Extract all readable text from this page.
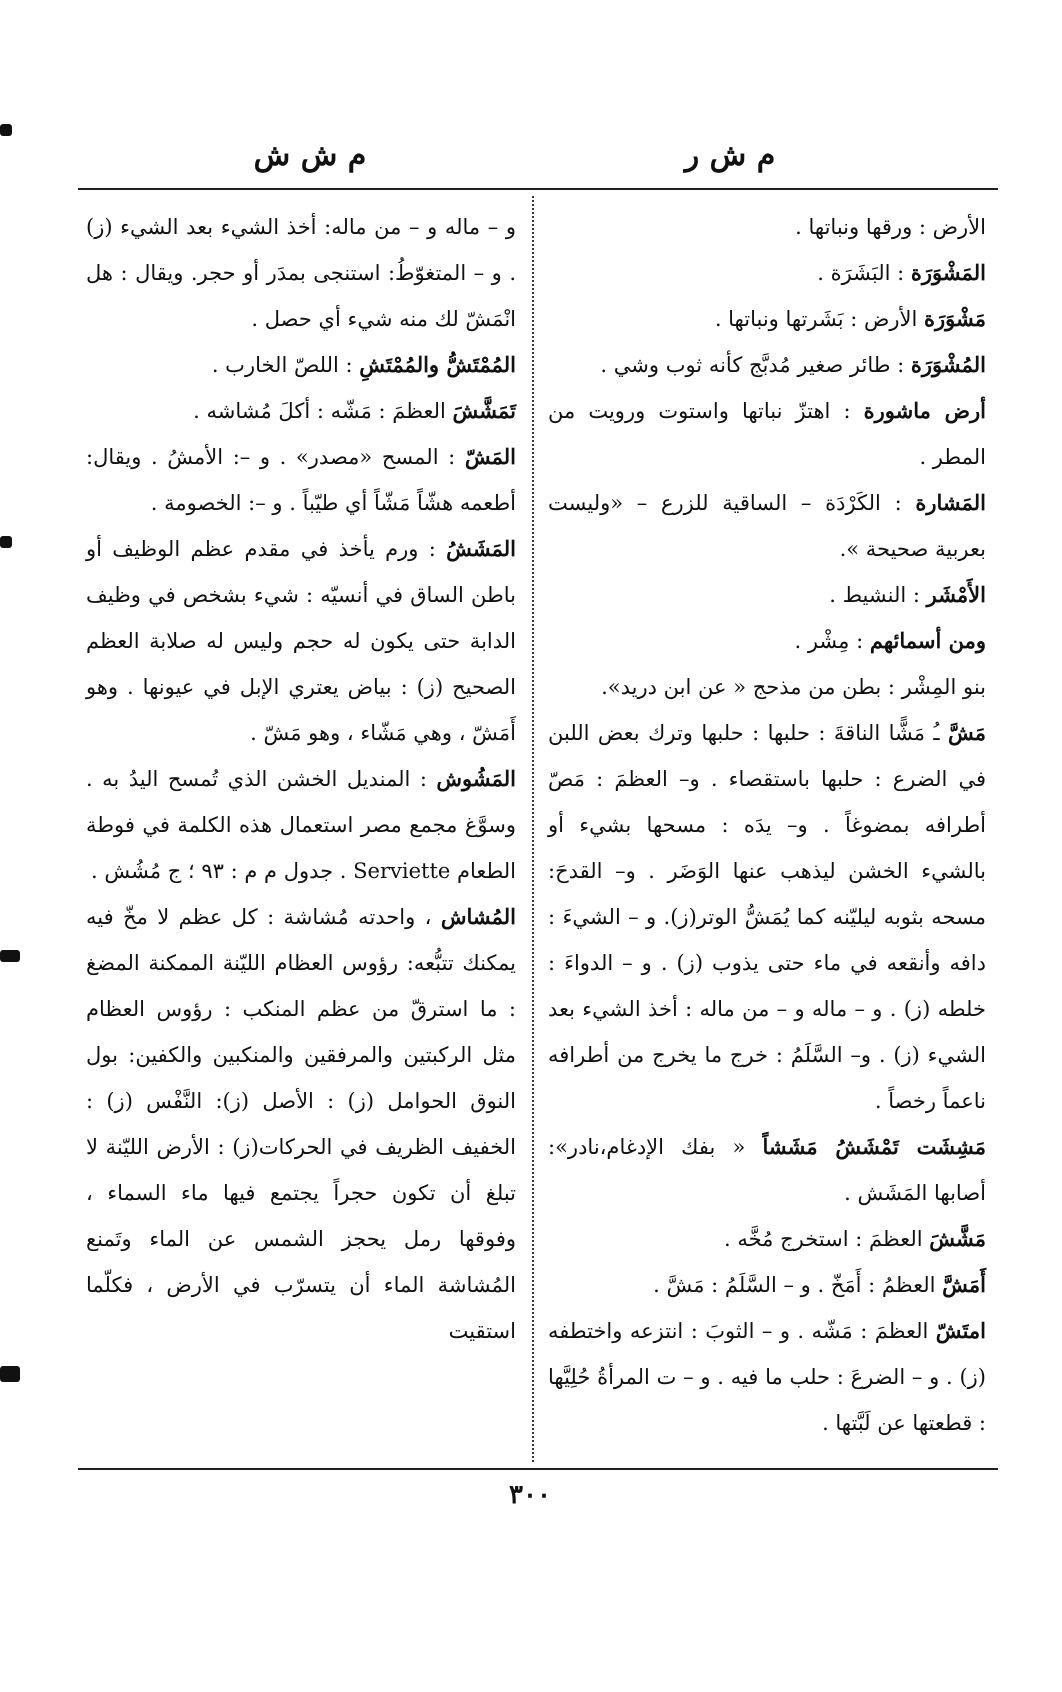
م ش ر
م ش ش

الأرض : ورقها ونباتها .

المَشْوَرَة : البَشَرَة .

مَشْوَرَة الأرض : بَشَرتها ونباتها .

المُشْوَرَة : طائر صغير مُدبَّج كأنه ثوب وشي .

أرض ماشورة : اهتزّ نباتها واستوت ورويت من المطر .

المَشارة : الكَرْدَة – الساقية للزرع – «وليست بعربية صحيحة ».

الأَمْشَر : النشيط .

ومن أسمائهم : مِشْر .

بنو المِشْر : بطن من مذحج « عن ابن دريد».

مَشَّ ـُ مَشًّا الناقةَ : حلبها : حلبها وترك بعض اللبن في الضرع : حلبها باستقصاء . و– العظمَ : مَصّ أطرافه بمضوغاً . و– يدَه : مسحها بشيء أو بالشيء الخشن ليذهب عنها الوَضَر . و– القدحَ: مسحه بثوبه ليليّنه كما يُمَشُّ الوتر(ز). و – الشيءَ : دافه وأنقعه في ماء حتى يذوب (ز) . و – الدواءَ : خلطه (ز) . و – ماله و – من ماله : أخذ الشيء بعد الشيء (ز) . و– السَّلَمُ : خرج ما يخرج من أطرافه ناعماً رخصاً .

مَشِشَت تَمْشَشُ مَشَشاً « بفك الإدغام،نادر»: أصابها المَشَش .

مَشَّشَ العظمَ : استخرج مُخَّه .

أَمَشَّ العظمُ : أَمَخّ . و – السَّلَمُ : مَشَّ .

امتَشّ العظمَ : مَشّه . و – الثوبَ : انتزعه واختطفه (ز) . و – الضرعَ : حلب ما فيه . و – ت المرأةُ حُلِيَّها : قطعتها عن لَبَّتها .

و – ماله و – من ماله: أخذ الشيء بعد الشيء (ز) . و – المتغوّطُ: استنجى بمدَر أو حجر. ويقال : هل انْمَشّ لك منه شيء أي حصل .

المُمْتَشُّ والمُمْتَشِ : اللصّ الخارب .

تَمَشَّشَ العظمَ : مَشّه : أكلَ مُشاشه .

المَشّ : المسح «مصدر» . و –: الأمشُ . ويقال: أطعمه هشّاً مَشّاً أي طيّباً . و –: الخصومة .

المَشَشُ : ورم يأخذ في مقدم عظم الوظيف أو باطن الساق في أنسيّه : شيء بشخص في وظيف الدابة حتى يكون له حجم وليس له صلابة العظم الصحيح (ز) : بياض يعتري الإبل في عيونها . وهو أَمَشّ ، وهي مَشّاء ، وهو مَشّ .

المَشُوش : المنديل الخشن الذي تُمسح اليدُ به . وسوَّغ مجمع مصر استعمال هذه الكلمة في فوطة الطعام Serviette . جدول م م : ٩٣ ؛ ج مُشُش .

المُشاش ، واحدته مُشاشة : كل عظم لا مخّ فيه يمكنك تتبُّعه: رؤوس العظام الليّنة الممكنة المضغ : ما استرقّ من عظم المنكب : رؤوس العظام مثل الركبتين والمرفقين والمنكبين والكفين: بول النوق الحوامل (ز) : الأصل (ز): النَّفْس (ز) : الخفيف الظريف في الحركات(ز) : الأرض الليّنة لا تبلغ أن تكون حجراً يجتمع فيها ماء السماء ، وفوقها رمل يحجز الشمس عن الماء وتَمنع المُشاشة الماء أن يتسرّب في الأرض ، فكلّما استقيت

٣٠٠
